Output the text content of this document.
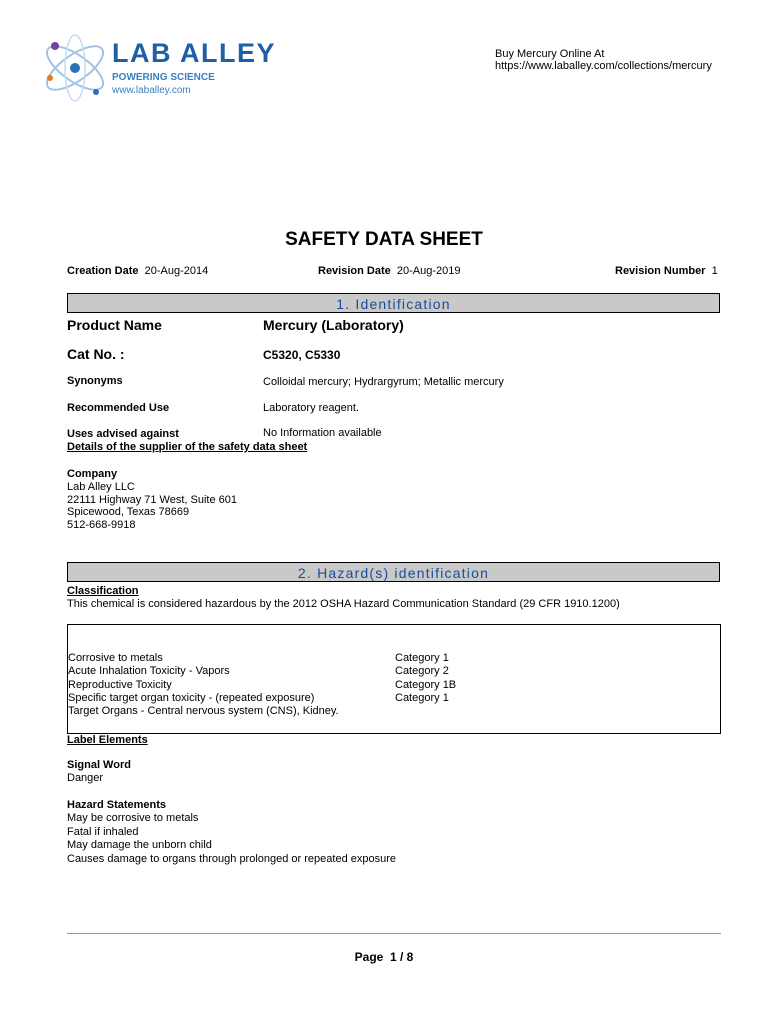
LAB ALLEY
POWERING SCIENCE
www.laballey.com
Buy Mercury Online At
https://www.laballey.com/collections/mercury
SAFETY DATA SHEET
Creation Date 20-Aug-2014	Revision Date 20-Aug-2019	Revision Number 1
1. Identification
Product Name	Mercury (Laboratory)
Cat No. :	C5320, C5330
Synonyms	Colloidal mercury; Hydrargyrum; Metallic mercury
Recommended Use	Laboratory reagent.
Uses advised against	No Information available
Details of the supplier of the safety data sheet
Company
Lab Alley LLC
22111 Highway 71 West, Suite 601
Spicewood, Texas 78669
512-668-9918
2. Hazard(s) identification
Classification
This chemical is considered hazardous by the 2012 OSHA Hazard Communication Standard (29 CFR 1910.1200)
Corrosive to metals	Category 1
Acute Inhalation Toxicity - Vapors	Category 2
Reproductive Toxicity	Category 1B
Specific target organ toxicity - (repeated exposure)	Category 1
Target Organs - Central nervous system (CNS), Kidney.
Label Elements
Signal Word
Danger
Hazard Statements
May be corrosive to metals
Fatal if inhaled
May damage the unborn child
Causes damage to organs through prolonged or repeated exposure
Page 1 / 8
